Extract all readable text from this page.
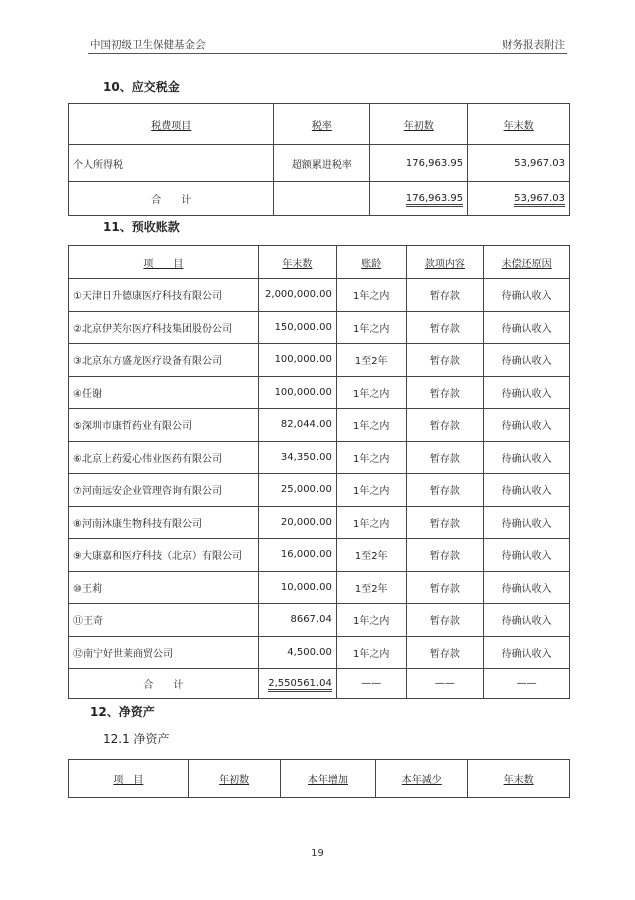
中国初级卫生保健基金会	财务报表附注
10、应交税金
税费项目	税率	年初数	年末数
个人所得税	超额累进税率	176,963.95	53,967.03
合　　计		176,963.95	53,967.03
11、预收账款
项　　目	年末数	账龄	款项内容	未偿还原因
①天津日升德康医疗科技有限公司	2,000,000.00	1年之内	暂存款	待确认收入
②北京伊芙尔医疗科技集团股份公司	150,000.00	1年之内	暂存款	待确认收入
③北京东方盛龙医疗设备有限公司	100,000.00	1至2年	暂存款	待确认收入
④任谢	100,000.00	1年之内	暂存款	待确认收入
⑤深圳市康哲药业有限公司	82,044.00	1年之内	暂存款	待确认收入
⑥北京上药爱心伟业医药有限公司	34,350.00	1年之内	暂存款	待确认收入
⑦河南远安企业管理咨询有限公司	25,000.00	1年之内	暂存款	待确认收入
⑧河南沐康生物科技有限公司	20,000.00	1年之内	暂存款	待确认收入
⑨大康嘉和医疗科技（北京）有限公司	16,000.00	1至2年	暂存款	待确认收入
⑩王莉	10,000.00	1至2年	暂存款	待确认收入
⑪王奇	8667.04	1年之内	暂存款	待确认收入
⑫南宁好世莱商贸公司	4,500.00	1年之内	暂存款	待确认收入
合　　计	2,550561.04	——	——	——
12、净资产
12.1 净资产
项　目	年初数	本年增加	本年减少	年末数
19
